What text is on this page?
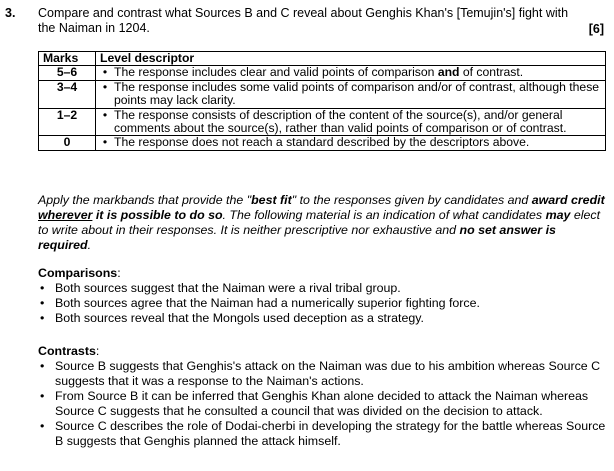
3. Compare and contrast what Sources B and C reveal about Genghis Khan's [Temujin's] fight with the Naiman in 1204.	[6]
Marks	Level descriptor
5–6	• The response includes clear and valid points of comparison and of contrast.

3–4	• The response includes some valid points of comparison and/or of contrast, although these points may lack clarity.

1–2	• The response consists of description of the content of the source(s), and/or general comments about the source(s), rather than valid points of comparison or of contrast.

0	• The response does not reach a standard described by the descriptors above.
Apply the markbands that provide the "best fit" to the responses given by candidates and award credit wherever it is possible to do so. The following material is an indication of what candidates may elect to write about in their responses. It is neither prescriptive nor exhaustive and no set answer is required.
Comparisons:
• Both sources suggest that the Naiman were a rival tribal group.
• Both sources agree that the Naiman had a numerically superior fighting force.
• Both sources reveal that the Mongols used deception as a strategy.
Contrasts:
• Source B suggests that Genghis's attack on the Naiman was due to his ambition whereas Source C suggests that it was a response to the Naiman's actions.
• From Source B it can be inferred that Genghis Khan alone decided to attack the Naiman whereas Source C suggests that he consulted a council that was divided on the decision to attack.
• Source C describes the role of Dodai-cherbi in developing the strategy for the battle whereas Source B suggests that Genghis planned the attack himself.
